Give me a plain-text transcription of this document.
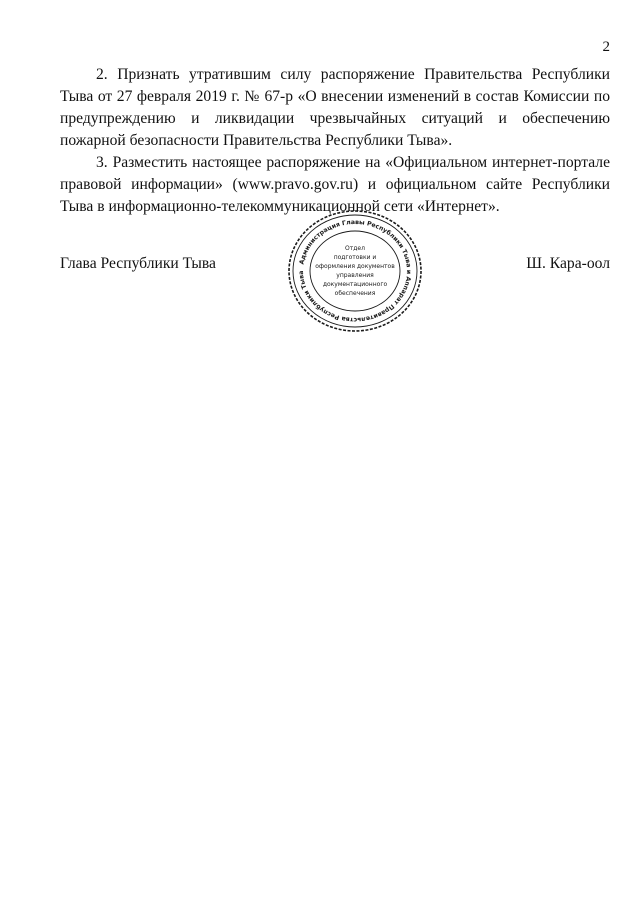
2

2. Признать утратившим силу распоряжение Правительства Республики Тыва от 27 февраля 2019 г. № 67-р «О внесении изменений в состав Комиссии по предупреждению и ликвидации чрезвычайных ситуаций и обеспечению пожарной безопасности Правительства Республики Тыва».

3. Разместить настоящее распоряжение на «Официальном интернет-портале правовой информации» (www.pravo.gov.ru) и официальном сайте Республики Тыва в информационно-телекоммуникационной сети «Интернет».

Глава Республики Тыва	Ш. Кара-оол
Администрация Главы Республики Тыва и Аппарат Правительства Республики Тыва
Отдел
подготовки и
оформления документов
управления
документационного
обеспечения
